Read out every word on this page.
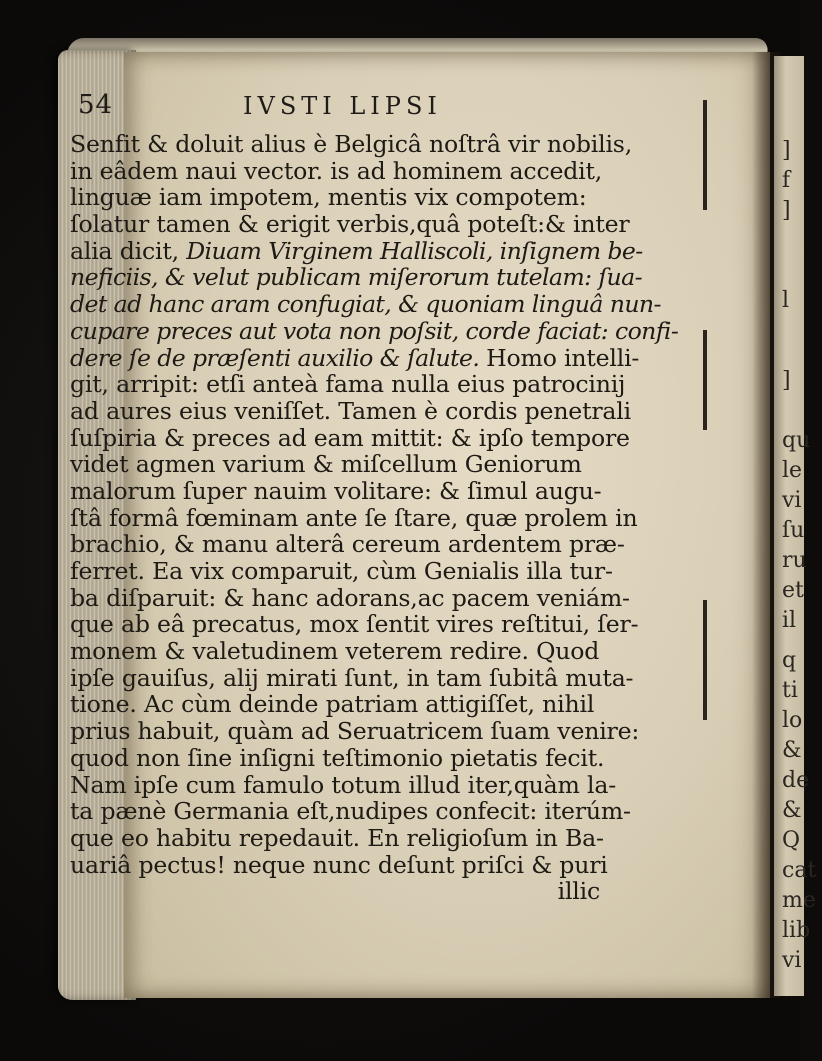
]
f
]
l
]
qu
le
vi
ſu
ru
et
il
q
ti
lo
&
de
&
Q
cat
me
lib
vi
54	IVSTI LIPSI
Senfit & doluit alius è Belgicâ noſtrâ vir nobilis,
in eâdem naui vector. is ad hominem accedit,
linguæ iam impotem, mentis vix compotem:
ſolatur tamen & erigit verbis,quâ poteſt:& inter
alia dicit, Diuam Virginem Halliscoli, inſignem be-
neficiis, & velut publicam miſerorum tutelam: ſua-
det ad hanc aram confugiat, & quoniam linguâ nun-
cupare preces aut vota non poſsit, corde faciat: confi-
dere ſe de præſenti auxilio & ſalute. Homo intelli-
git, arripit: etſi anteà fama nulla eius patrocinij
ad aures eius veniſſet. Tamen è cordis penetrali
ſuſpiria & preces ad eam mittit: & ipſo tempore
videt agmen varium & miſcellum Geniorum
malorum ſuper nauim volitare: & ſimul augu-
ſtâ formâ fœminam ante ſe ſtare, quæ prolem in
brachio, & manu alterâ cereum ardentem præ-
ferret. Ea vix comparuit, cùm Genialis illa tur-
ba diſparuit: & hanc adorans,ac pacem veniám-
que ab eâ precatus, mox ſentit vires reſtitui, ſer-
monem & valetudinem veterem redire. Quod
ipſe gauiſus, alij mirati ſunt, in tam ſubitâ muta-
tione. Ac cùm deinde patriam attigiſſet, nihil
prius habuit, quàm ad Seruatricem ſuam venire:
quod non ſine inſigni teſtimonio pietatis fecit.
Nam ipſe cum famulo totum illud iter,quàm la-
ta pænè Germania eſt,nudipes confecit: iterúm-
que eo habitu repedauit. En religioſum in Ba-
uariâ pectus! neque nunc deſunt priſci & puri
illic
